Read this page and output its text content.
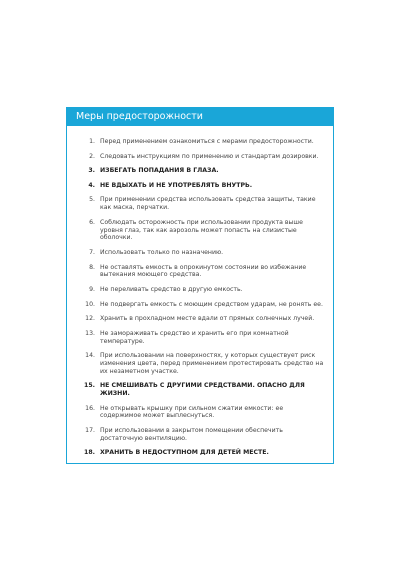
Меры предосторожности
1. Перед применением ознакомиться с мерами предосторожности.
2. Следовать инструкциям по применению и стандартам дозировки.
3. ИЗБЕГАТЬ ПОПАДАНИЯ В ГЛАЗА.
4. НЕ ВДЫХАТЬ И НЕ УПОТРЕБЛЯТЬ ВНУТРЬ.
5. При применении средства использовать средства защиты, такие как маска, перчатки.
6. Соблюдать осторожность при использовании продукта выше уровня глаз, так как аэрозоль может попасть на слизистые оболочки.
7. Использовать только по назначению.
8. Не оставлять емкость в опрокинутом состоянии во избежание вытекания моющего средства.
9. Не переливать средство в другую емкость.
10. Не подвергать емкость с моющим средством ударам, не ронять ее.
12. Хранить в прохладном месте вдали от прямых солнечных лучей.
13. Не замораживать средство и хранить его при комнатной температуре.
14. При использовании на поверхностях, у которых существует риск изменения цвета, перед применением протестировать средство на их незаметном участке.
15. НЕ СМЕШИВАТЬ С ДРУГИМИ СРЕДСТВАМИ. ОПАСНО ДЛЯ ЖИЗНИ.
16. Не открывать крышку при сильном сжатии емкости: ее содержимое может выплеснуться.
17. При использовании в закрытом помещении обеспечить достаточную вентиляцию.
18. ХРАНИТЬ В НЕДОСТУПНОМ ДЛЯ ДЕТЕЙ МЕСТЕ.
